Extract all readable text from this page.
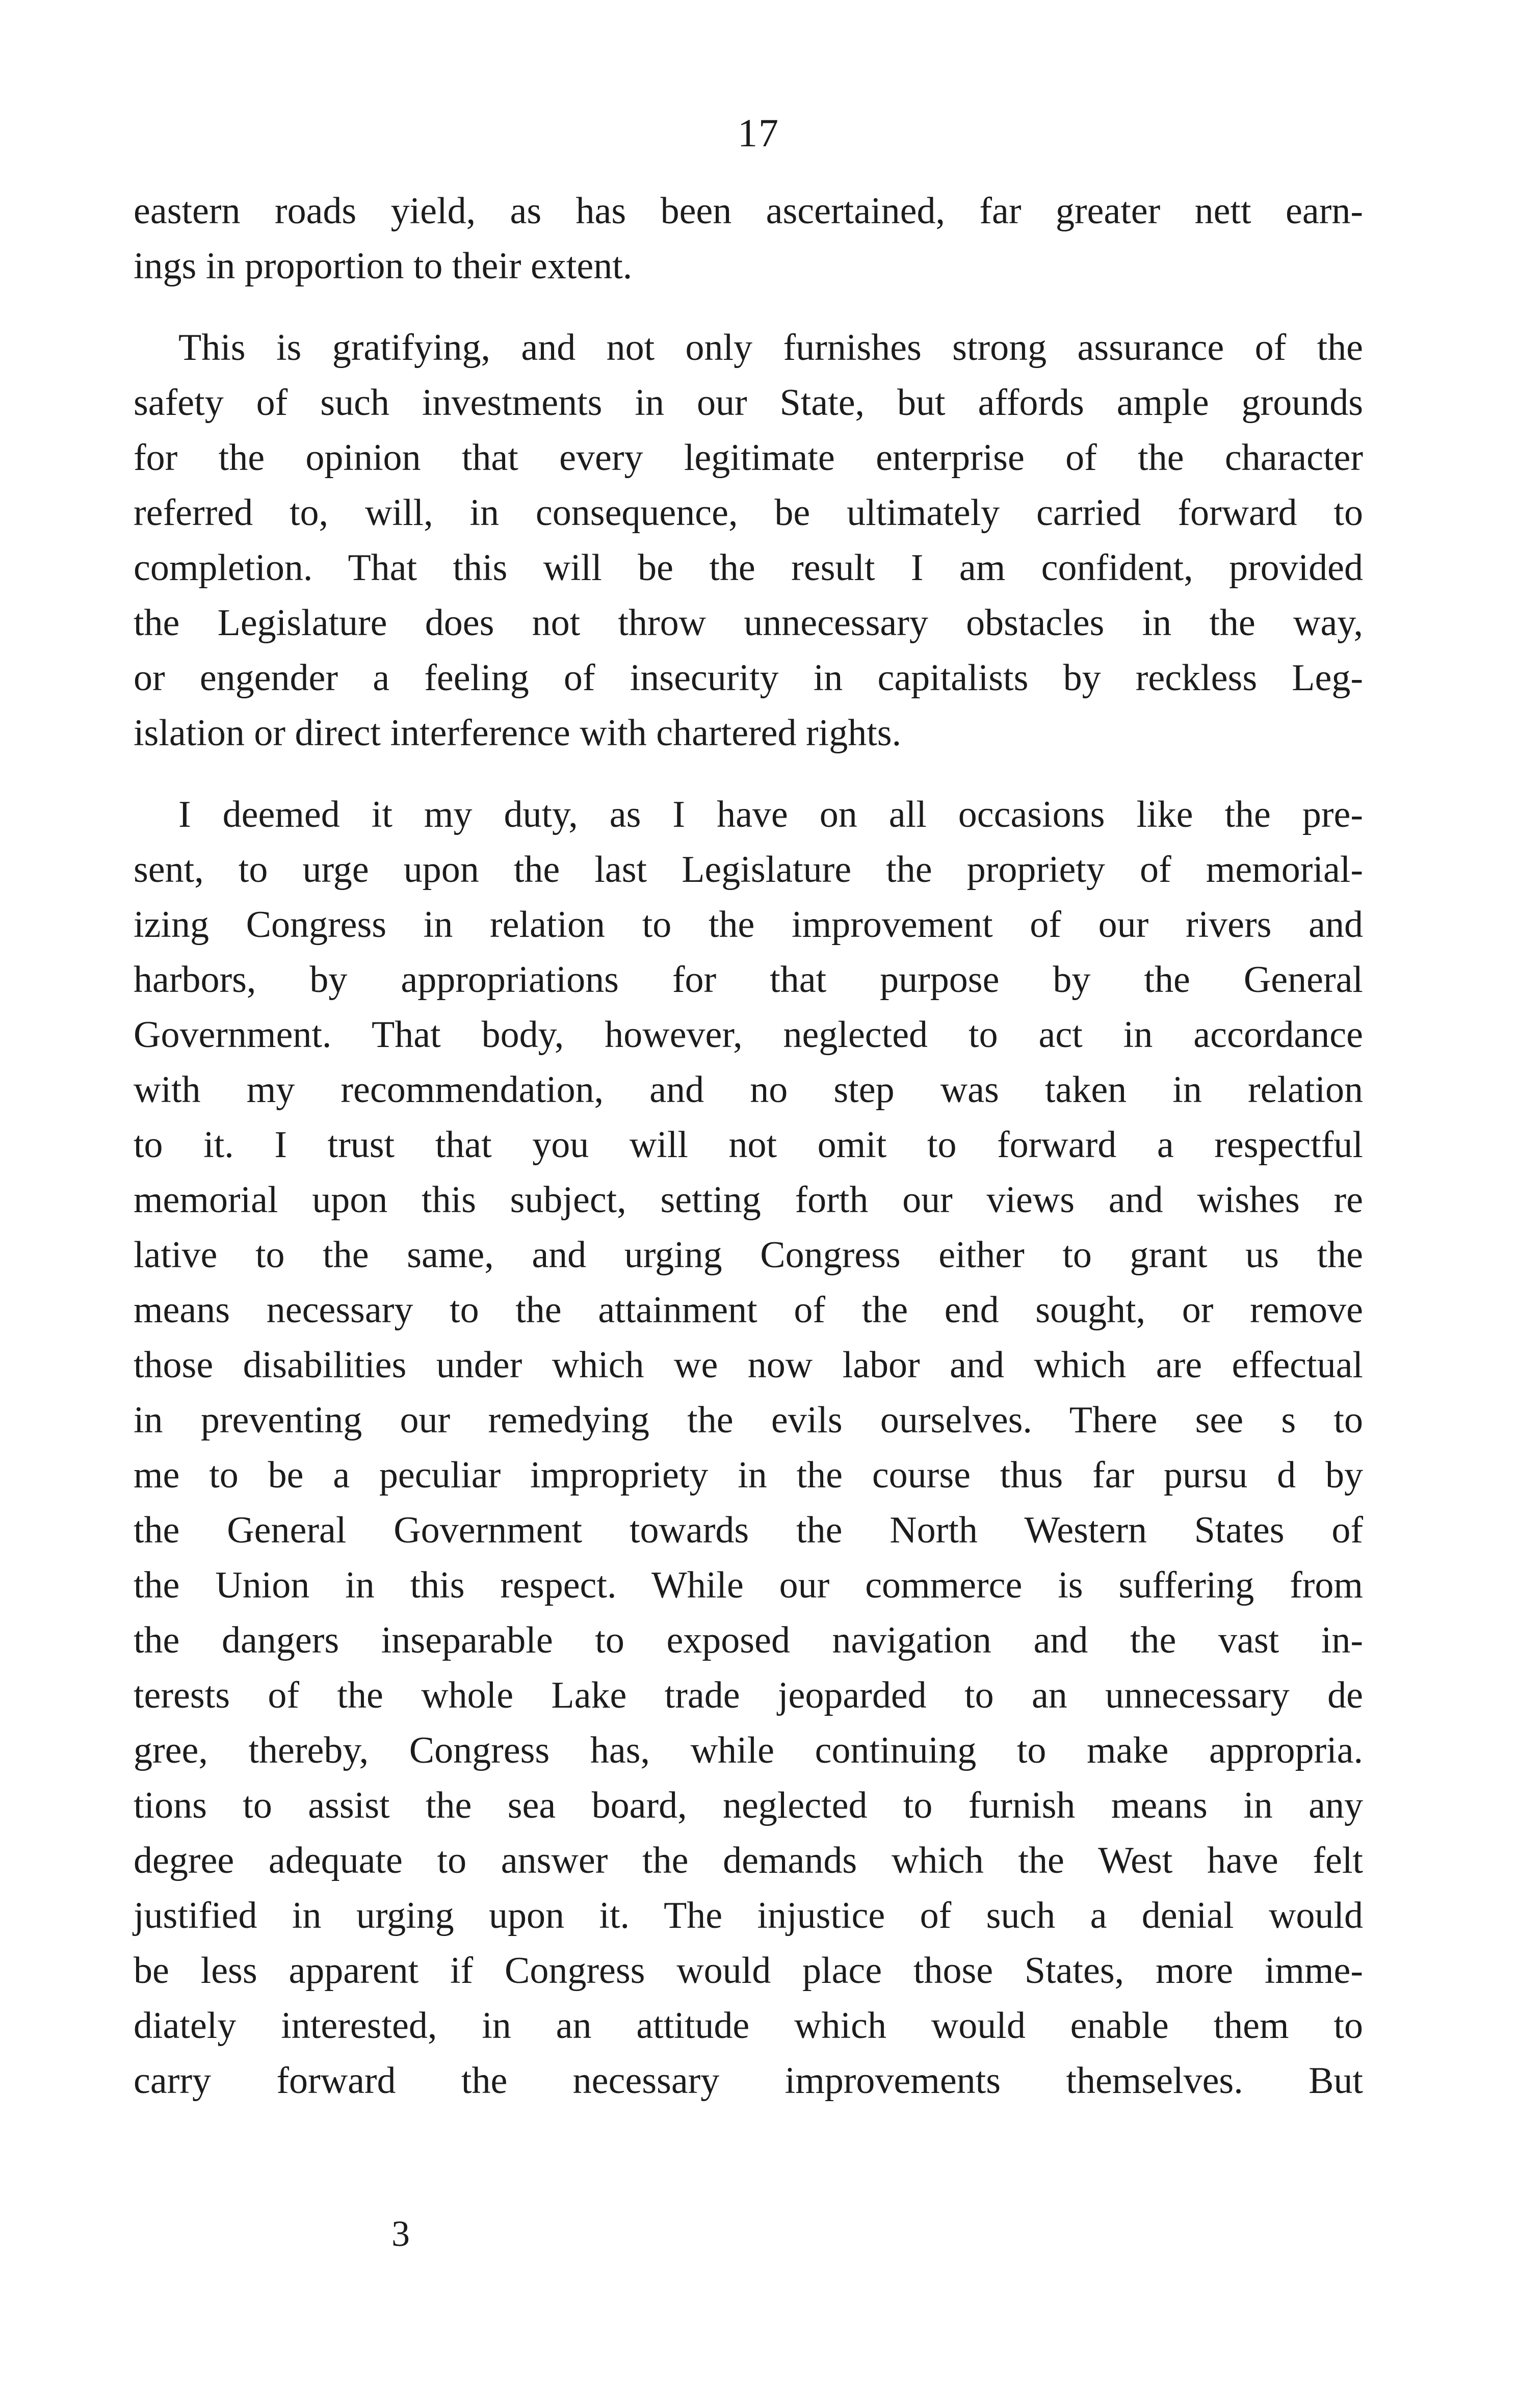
17
eastern roads yield, as has been ascertained, far greater nett earn-
ings in proportion to their extent.
This is gratifying, and not only furnishes strong assurance of the
safety of such investments in our State, but affords ample grounds
for the opinion that every legitimate enterprise of the character
referred to, will, in consequence, be ultimately carried forward to
completion. That this will be the result I am confident, provided
the Legislature does not throw unnecessary obstacles in the way,
or engender a feeling of insecurity in capitalists by reckless Leg-
islation or direct interference with chartered rights.
I deemed it my duty, as I have on all occasions like the pre-
sent, to urge upon the last Legislature the propriety of memorial-
izing Congress in relation to the improvement of our rivers and
harbors, by appropriations for that purpose by the General
Government. That body, however, neglected to act in accordance
with my recommendation, and no step was taken in relation
to it. I trust that you will not omit to forward a respectful
memorial upon this subject, setting forth our views and wishes re
lative to the same, and urging Congress either to grant us the
means necessary to the attainment of the end sought, or remove
those disabilities under which we now labor and which are effectual
in preventing our remedying the evils ourselves. There see s to
me to be a peculiar impropriety in the course thus far pursu d by
the General Government towards the North Western States of
the Union in this respect. While our commerce is suffering from
the dangers inseparable to exposed navigation and the vast in-
terests of the whole Lake trade jeoparded to an unnecessary de
gree, thereby, Congress has, while continuing to make appropria.
tions to assist the sea board, neglected to furnish means in any
degree adequate to answer the demands which the West have felt
justified in urging upon it. The injustice of such a denial would
be less apparent if Congress would place those States, more imme-
diately interested, in an attitude which would enable them to
carry forward the necessary improvements themselves. But
3
